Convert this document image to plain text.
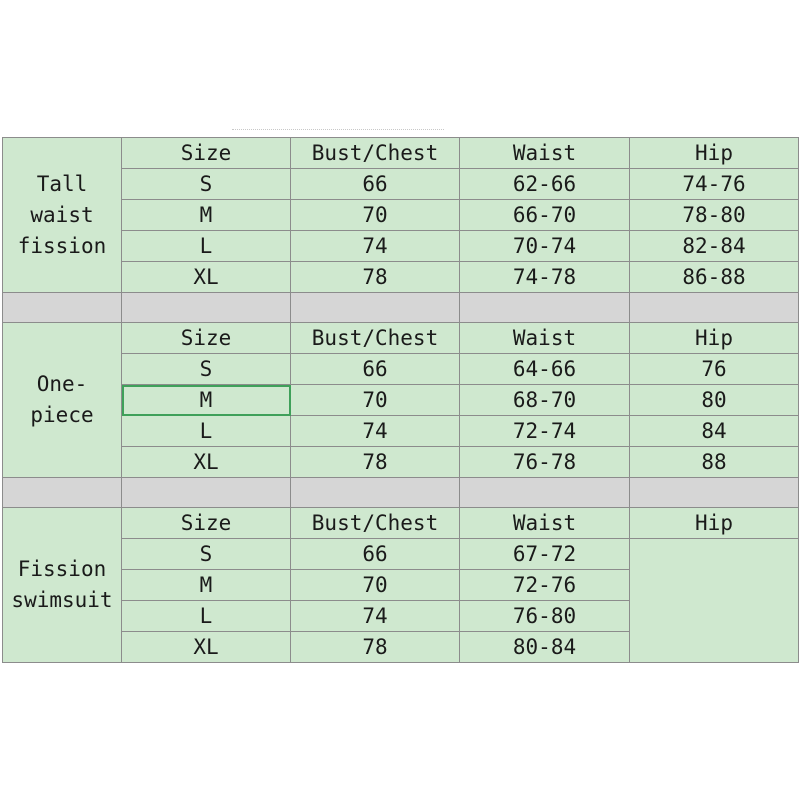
Tall
waist
fission	Size	Bust/Chest	Waist	Hip
	S	66	62-66	74-76
	M	70	66-70	78-80
	L	74	70-74	82-84
	XL	78	74-78	86-88

One-
piece	Size	Bust/Chest	Waist	Hip
	S	66	64-66	76
	M	70	68-70	80
	L	74	72-74	84
	XL	78	76-78	88

Fission
swimsuit	Size	Bust/Chest	Waist	Hip
	S	66	67-72	
	M	70	72-76	
	L	74	76-80	
	XL	78	80-84	
